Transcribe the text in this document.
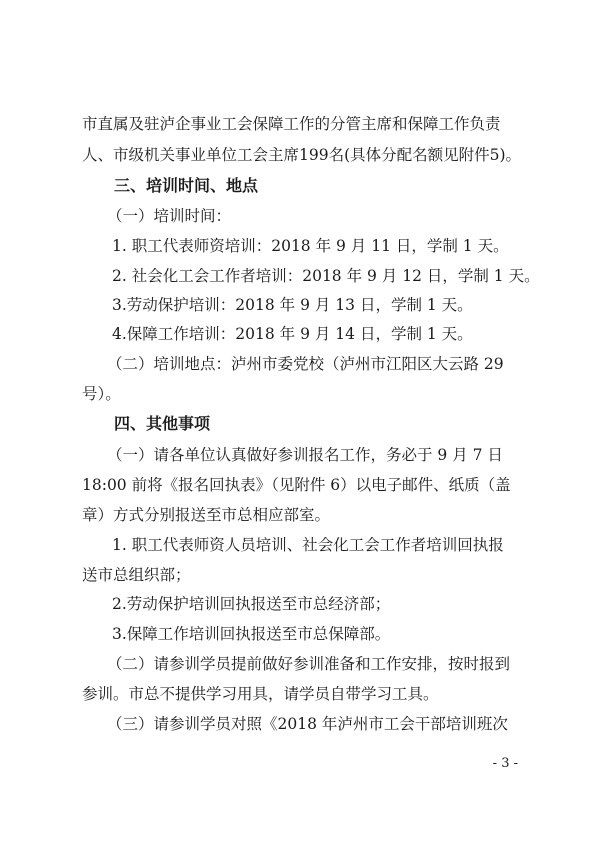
市直属及驻泸企事业工会保障工作的分管主席和保障工作负责
人、市级机关事业单位工会主席199名(具体分配名额见附件5)。
三、培训时间、地点
（一）培训时间：
1. 职工代表师资培训：2018 年 9 月 11 日，学制 1 天。
2. 社会化工会工作者培训：2018 年 9 月 12 日，学制 1 天。
3.劳动保护培训：2018 年 9 月 13 日，学制 1 天。
4.保障工作培训：2018 年 9 月 14 日，学制 1 天。
（二）培训地点：泸州市委党校（泸州市江阳区大云路 29
号）。
四、其他事项
（一）请各单位认真做好参训报名工作，务必于 9 月 7 日
18:00 前将《报名回执表》（见附件 6）以电子邮件、纸质（盖
章）方式分别报送至市总相应部室。
1. 职工代表师资人员培训、社会化工会工作者培训回执报
送市总组织部；
2.劳动保护培训回执报送至市总经济部；
3.保障工作培训回执报送至市总保障部。
（二）请参训学员提前做好参训准备和工作安排，按时报到
参训。市总不提供学习用具，请学员自带学习工具。
（三）请参训学员对照《2018 年泸州市工会干部培训班次
- 3 -
